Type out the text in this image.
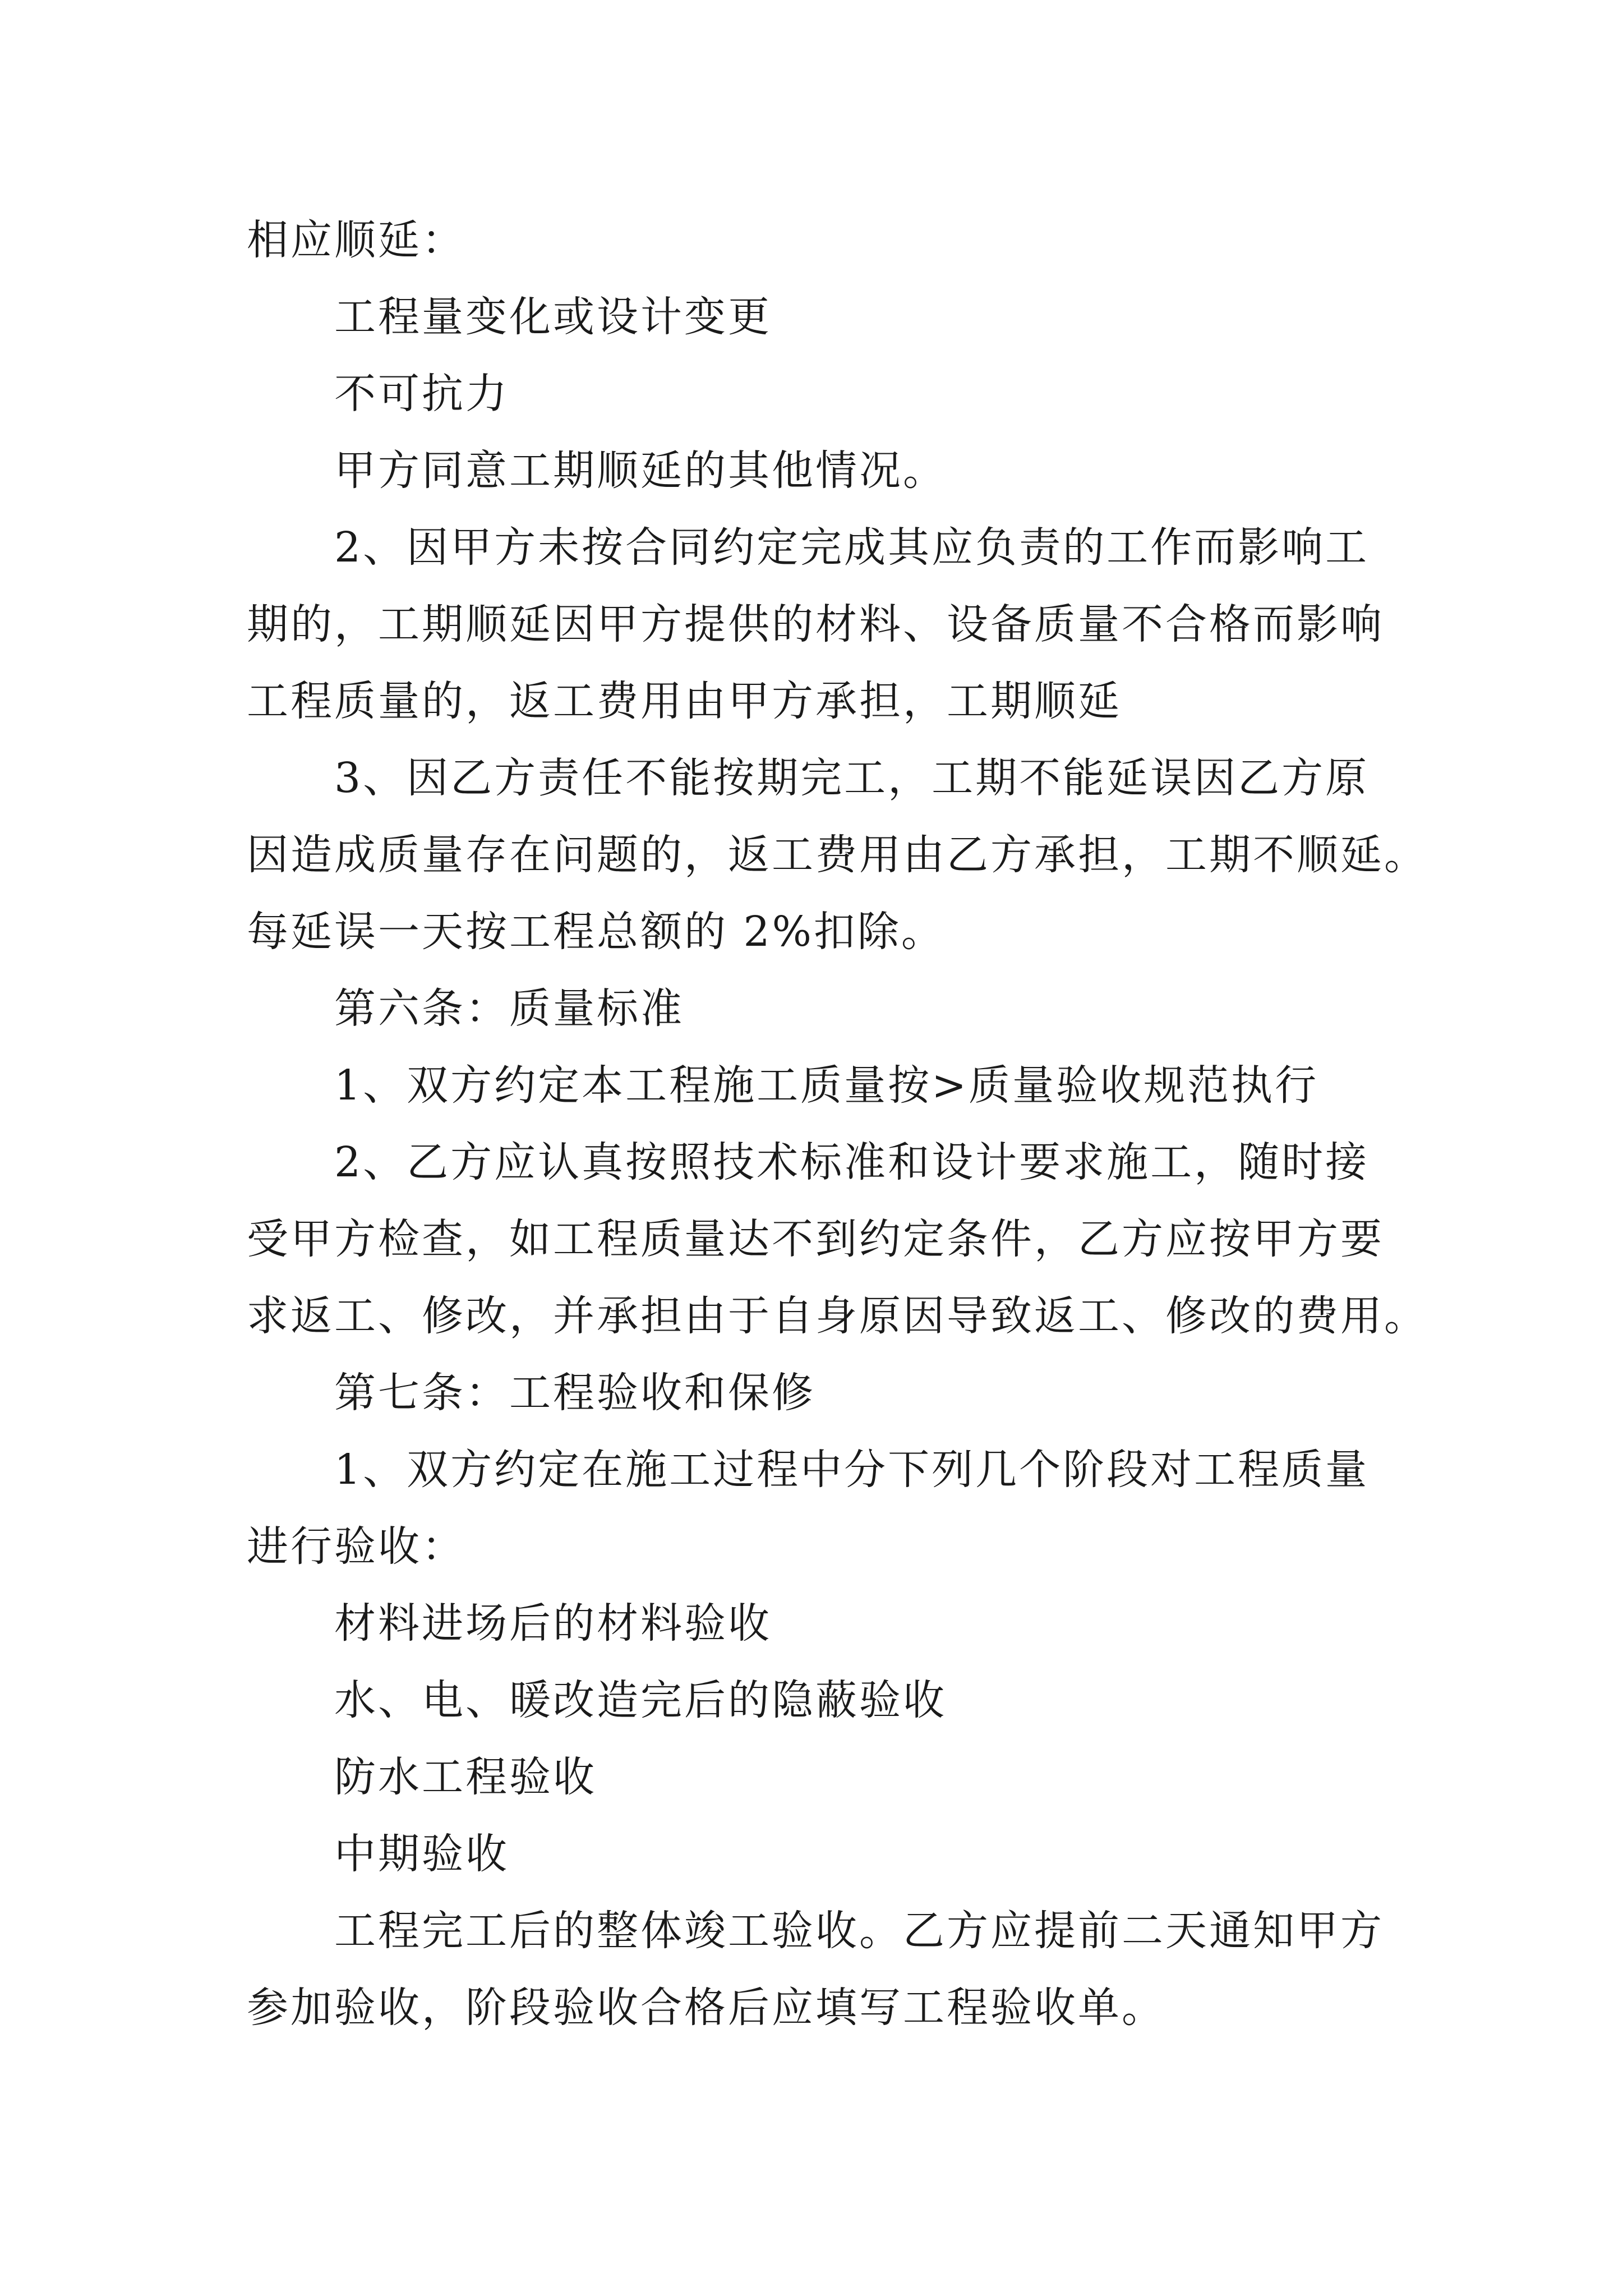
相应顺延：

工程量变化或设计变更

不可抗力

甲方同意工期顺延的其他情况。

2、因甲方未按合同约定完成其应负责的工作而影响工

期的，工期顺延因甲方提供的材料、设备质量不合格而影响

工程质量的，返工费用由甲方承担，工期顺延

3、因乙方责任不能按期完工，工期不能延误因乙方原

因造成质量存在问题的，返工费用由乙方承担，工期不顺延。

每延误一天按工程总额的 2%扣除。

第六条：质量标准

1、双方约定本工程施工质量按>质量验收规范执行

2、乙方应认真按照技术标准和设计要求施工，随时接

受甲方检查，如工程质量达不到约定条件，乙方应按甲方要

求返工、修改，并承担由于自身原因导致返工、修改的费用。

第七条：工程验收和保修

1、双方约定在施工过程中分下列几个阶段对工程质量

进行验收：

材料进场后的材料验收

水、电、暖改造完后的隐蔽验收

防水工程验收

中期验收

工程完工后的整体竣工验收。乙方应提前二天通知甲方

参加验收，阶段验收合格后应填写工程验收单。
